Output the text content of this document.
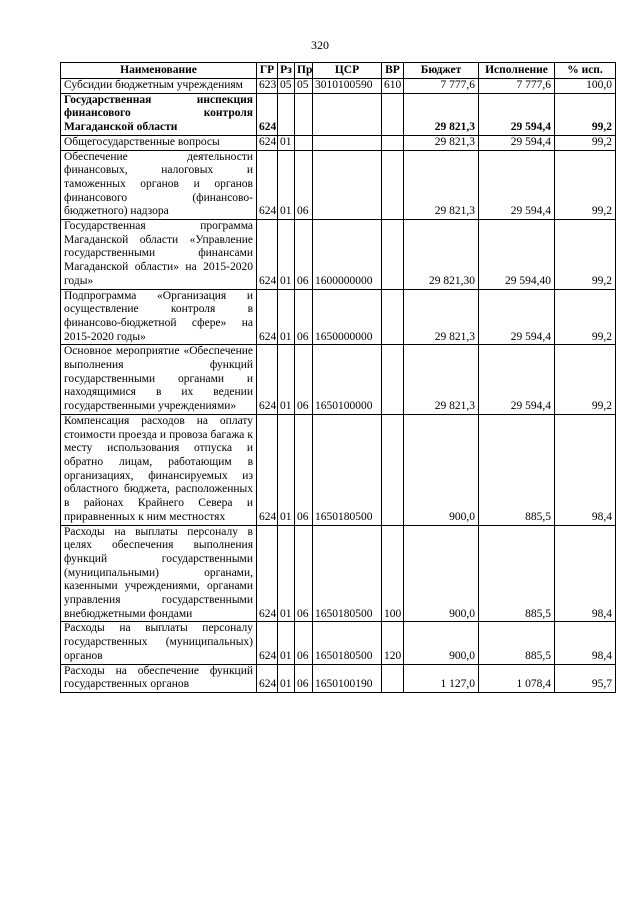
320
Наименование	ГР	Рз	Пр	ЦСР	ВР	Бюджет	Исполнение	% исп.
Субсидии бюджетным учреждениям	623	05	05	3010100590	610	7 777,6	7 777,6	100,0
Государственная инспекция финансового контроля Магаданской области	624					29 821,3	29 594,4	99,2
Общегосударственные вопросы	624	01				29 821,3	29 594,4	99,2
Обеспечение деятельности финансовых, налоговых и таможенных органов и органов финансового (финансово-бюджетного) надзора	624	01	06			29 821,3	29 594,4	99,2
Государственная программа Магаданской области «Управление государственными финансами Магаданской области» на 2015-2020 годы»	624	01	06	1600000000		29 821,30	29 594,40	99,2
Подпрограмма «Организация и осуществление контроля в финансово-бюджетной сфере» на 2015-2020 годы»	624	01	06	1650000000		29 821,3	29 594,4	99,2
Основное мероприятие «Обеспечение выполнения функций государственными органами и находящимися в их ведении государственными учреждениями»	624	01	06	1650100000		29 821,3	29 594,4	99,2
Компенсация расходов на оплату стоимости проезда и провоза багажа к месту использования отпуска и обратно лицам, работающим в организациях, финансируемых из областного бюджета, расположенных в районах Крайнего Севера и приравненных к ним местностях	624	01	06	1650180500		900,0	885,5	98,4
Расходы на выплаты персоналу в целях обеспечения выполнения функций государственными (муниципальными) органами, казенными учреждениями, органами управления государственными внебюджетными фондами	624	01	06	1650180500	100	900,0	885,5	98,4
Расходы на выплаты персоналу государственных (муниципальных) органов	624	01	06	1650180500	120	900,0	885,5	98,4
Расходы на обеспечение функций государственных органов	624	01	06	1650100190		1 127,0	1 078,4	95,7
